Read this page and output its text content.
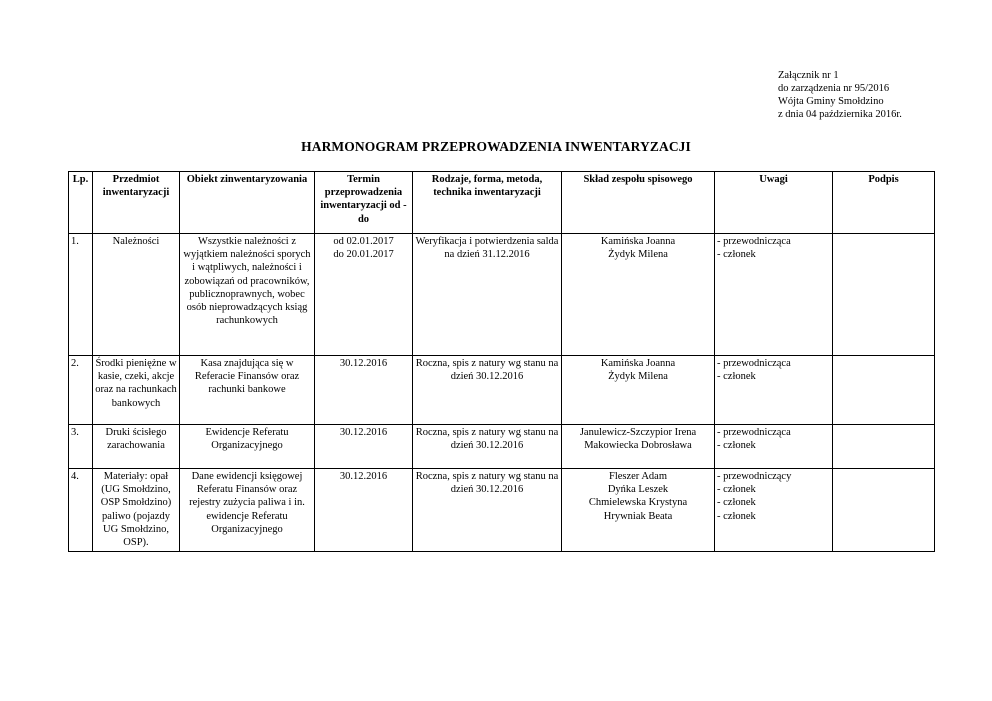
Załącznik nr 1
do zarządzenia nr 95/2016
Wójta Gminy Smołdzino
z dnia 04 października 2016r.
HARMONOGRAM PRZEPROWADZENIA INWENTARYZACJI
Lp.	Przedmiot inwentaryzacji	Obiekt zinwentaryzowania	Termin przeprowadzenia inwentaryzacji od - do	Rodzaje, forma, metoda, technika inwentaryzacji	Skład zespołu spisowego	Uwagi	Podpis
1.	Należności	Wszystkie należności z wyjątkiem należności sporych i wątpliwych, należności i zobowiązań od pracowników, publicznoprawnych, wobec osób nieprowadzących ksiąg rachunkowych	od 02.01.2017
do 20.01.2017	Weryfikacja i potwierdzenia salda na dzień 31.12.2016	Kamińska Joanna
Żydyk Milena	- przewodnicząca
- członek	

2.	Środki pieniężne w kasie, czeki, akcje oraz na rachunkach bankowych	Kasa znajdująca się w Referacie Finansów oraz rachunki bankowe	30.12.2016	Roczna, spis z natury wg stanu na dzień 30.12.2016	Kamińska Joanna
Żydyk Milena	- przewodnicząca
- członek	

3.	Druki ścisłego zarachowania	Ewidencje Referatu Organizacyjnego	30.12.2016	Roczna, spis z natury wg stanu na dzień 30.12.2016	Janulewicz-Szczypior Irena
Makowiecka Dobrosława	- przewodnicząca
- członek	

4.	Materiały: opał (UG Smołdzino, OSP Smołdzino) paliwo (pojazdy UG Smołdzino, OSP).	Dane ewidencji księgowej Referatu Finansów oraz rejestry zużycia paliwa i in. ewidencje Referatu Organizacyjnego	30.12.2016	Roczna, spis z natury wg stanu na dzień 30.12.2016	Fleszer Adam
Dyńka Leszek
Chmielewska Krystyna
Hrywniak Beata	- przewodniczący
- członek
- członek
- członek	
